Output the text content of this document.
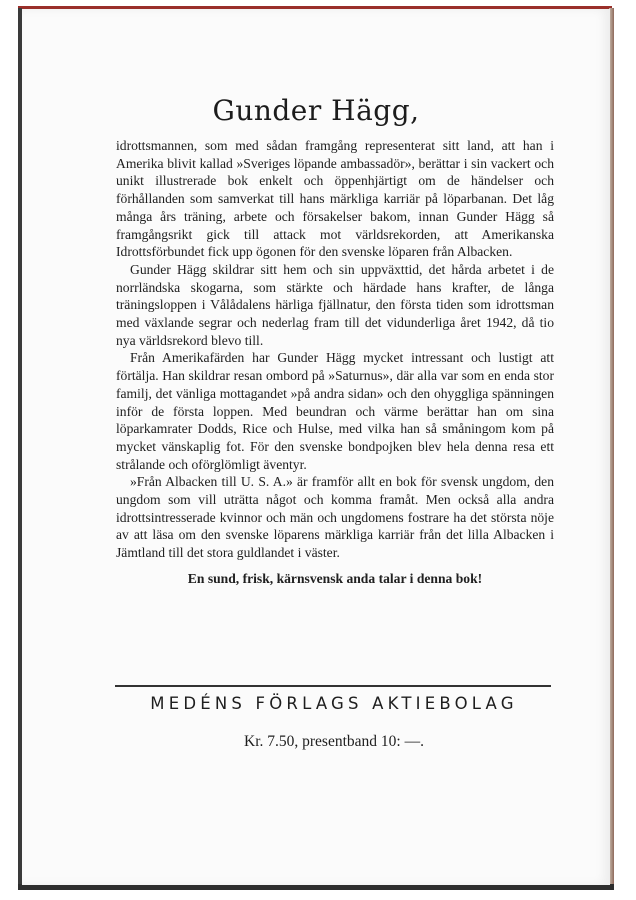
Gunder Hägg,

idrottsmannen, som med sådan framgång representerat sitt land, att han i Amerika blivit kallad »Sveriges löpande ambassadör», berättar i sin vackert och unikt illustrerade bok enkelt och öppenhjärtigt om de händelser och förhållanden som samverkat till hans märkliga karriär på löparbanan. Det låg många års träning, arbete och försakelser bakom, innan Gunder Hägg så framgångsrikt gick till attack mot världsrekorden, att Amerikanska Idrottsförbundet fick upp ögonen för den svenske löparen från Albacken.

Gunder Hägg skildrar sitt hem och sin uppväxttid, det hårda arbetet i de norrländska skogarna, som stärkte och härdade hans krafter, de långa träningsloppen i Vålådalens härliga fjällnatur, den första tiden som idrottsman med växlande segrar och nederlag fram till det vidunderliga året 1942, då tio nya världsrekord blevo till.

Från Amerikafärden har Gunder Hägg mycket intressant och lustigt att förtälja. Han skildrar resan ombord på »Saturnus», där alla var som en enda stor familj, det vänliga mottagandet »på andra sidan» och den ohyggliga spänningen inför de första loppen. Med beundran och värme berättar han om sina löparkamrater Dodds, Rice och Hulse, med vilka han så småningom kom på mycket vänskaplig fot. För den svenske bondpojken blev hela denna resa ett strålande och oförglömligt äventyr.

»Från Albacken till U. S. A.» är framför allt en bok för svensk ungdom, den ungdom som vill uträtta något och komma framåt. Men också alla andra idrottsintresserade kvinnor och män och ungdomens fostrare ha det största nöje av att läsa om den svenske löparens märkliga karriär från det lilla Albacken i Jämtland till det stora guldlandet i väster.

En sund, frisk, kärnsvensk anda talar i denna bok!

MEDÉNS FÖRLAGS AKTIEBOLAG
Kr. 7.50, presentband 10: —.
